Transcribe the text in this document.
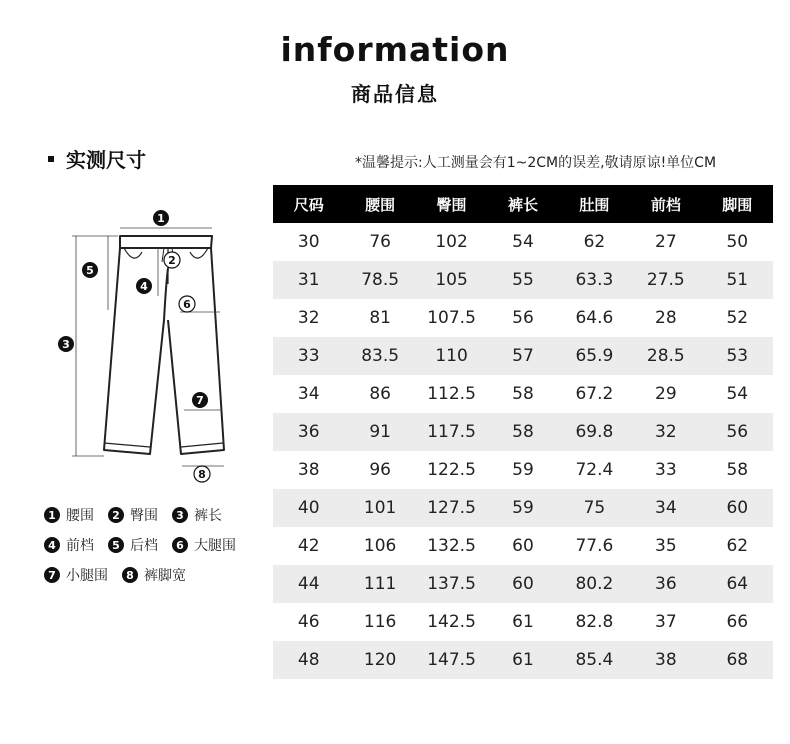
information
商品信息
实测尺寸	*温馨提示:人工测量会有1~2CM的误差,敬请原谅!单位CM
1
2
3
4
5
6
7
8
1 腰围	2 臀围	3 裤长
4 前档	5 后档	6 大腿围
7 小腿围	8 裤脚宽
尺码	腰围	臀围	裤长	肚围	前档	脚围
30	76	102	54	62	27	50
31	78.5	105	55	63.3	27.5	51
32	81	107.5	56	64.6	28	52
33	83.5	110	57	65.9	28.5	53
34	86	112.5	58	67.2	29	54
36	91	117.5	58	69.8	32	56
38	96	122.5	59	72.4	33	58
40	101	127.5	59	75	34	60
42	106	132.5	60	77.6	35	62
44	111	137.5	60	80.2	36	64
46	116	142.5	61	82.8	37	66
48	120	147.5	61	85.4	38	68
